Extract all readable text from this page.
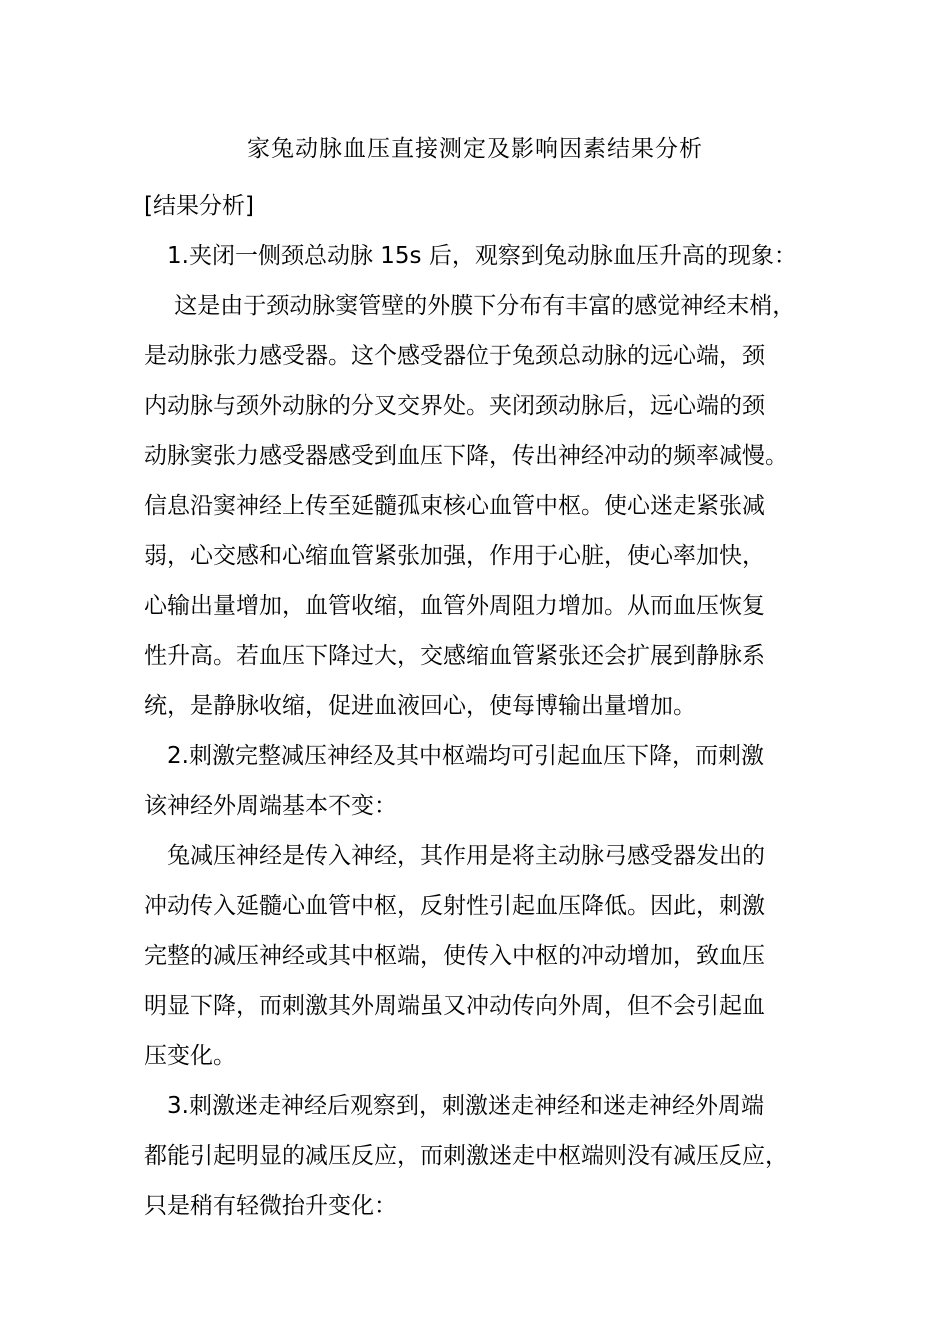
家兔动脉血压直接测定及影响因素结果分析
[结果分析]
　1.夹闭一侧颈总动脉 15s 后，观察到兔动脉血压升高的现象：
　 这是由于颈动脉窦管壁的外膜下分布有丰富的感觉神经末梢，
是动脉张力感受器。这个感受器位于兔颈总动脉的远心端，颈
内动脉与颈外动脉的分叉交界处。夹闭颈动脉后，远心端的颈
动脉窦张力感受器感受到血压下降，传出神经冲动的频率减慢。
信息沿窦神经上传至延髓孤束核心血管中枢。使心迷走紧张减
弱，心交感和心缩血管紧张加强，作用于心脏，使心率加快，
心输出量增加，血管收缩，血管外周阻力增加。从而血压恢复
性升高。若血压下降过大，交感缩血管紧张还会扩展到静脉系
统，是静脉收缩，促进血液回心，使每博输出量增加。
　2.刺激完整减压神经及其中枢端均可引起血压下降，而刺激
该神经外周端基本不变：
　兔减压神经是传入神经，其作用是将主动脉弓感受器发出的
冲动传入延髓心血管中枢，反射性引起血压降低。因此，刺激
完整的减压神经或其中枢端，使传入中枢的冲动增加，致血压
明显下降，而刺激其外周端虽又冲动传向外周，但不会引起血
压变化。
　3.刺激迷走神经后观察到，刺激迷走神经和迷走神经外周端
都能引起明显的减压反应，而刺激迷走中枢端则没有减压反应，
只是稍有轻微抬升变化：
